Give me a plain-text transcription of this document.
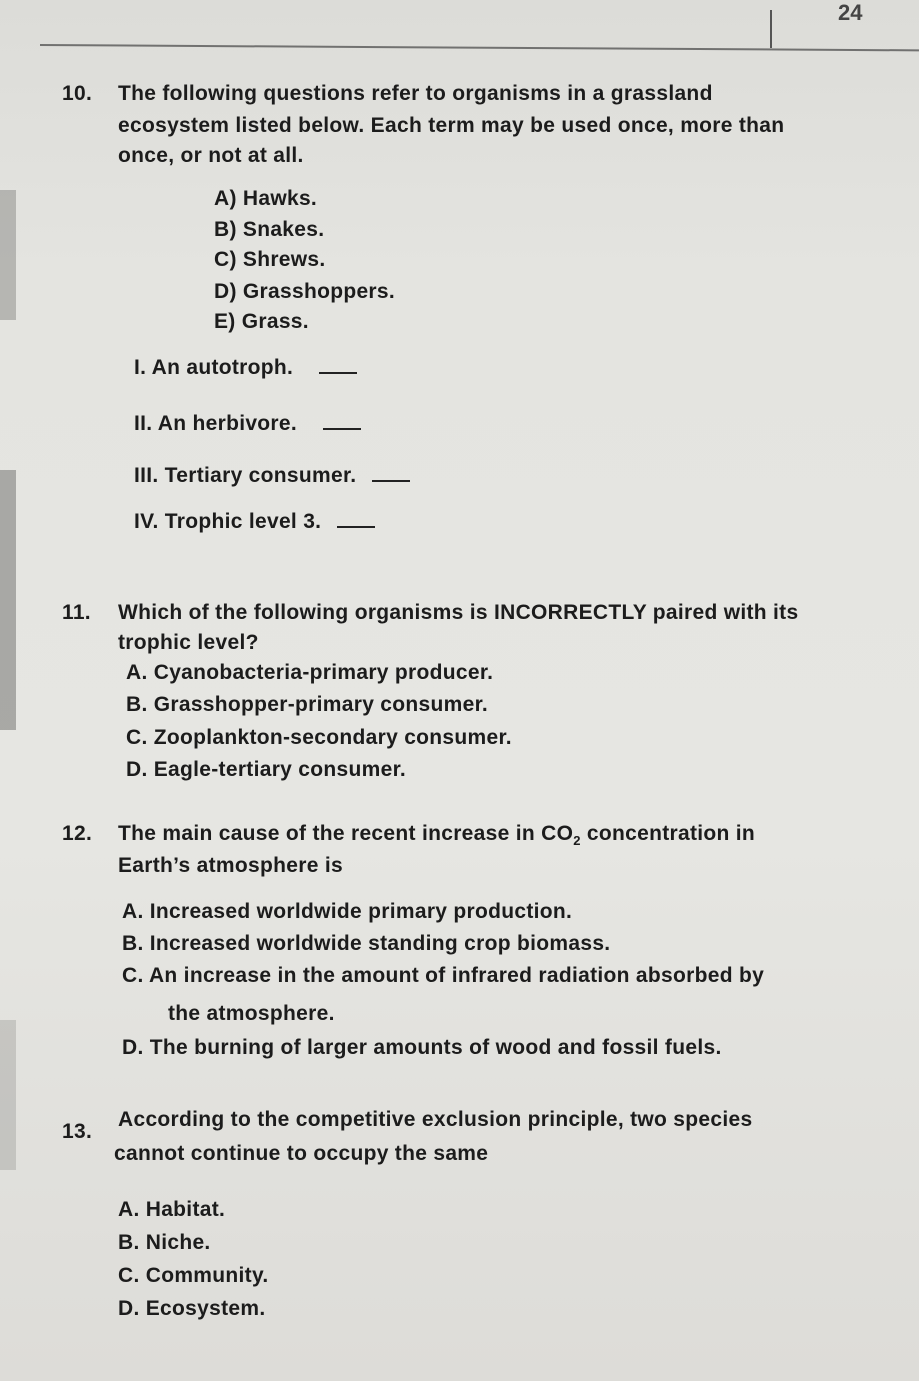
24
10. The following questions refer to organisms in a grassland
ecosystem listed below. Each term may be used once, more than
once, or not at all.
A) Hawks.
B) Snakes.
C) Shrews.
D) Grasshoppers.
E) Grass.
I. An autotroph.
II. An herbivore.
III. Tertiary consumer.
IV. Trophic level 3.
11. Which of the following organisms is INCORRECTLY paired with its
trophic level?
A. Cyanobacteria-primary producer.
B. Grasshopper-primary consumer.
C. Zooplankton-secondary consumer.
D. Eagle-tertiary consumer.
12. The main cause of the recent increase in $CO_2$ concentration in
Earth’s atmosphere is
A. Increased worldwide primary production.
B. Increased worldwide standing crop biomass.
C. An increase in the amount of infrared radiation absorbed by
the atmosphere.
D. The burning of larger amounts of wood and fossil fuels.
13.
According to the competitive exclusion principle, two species
cannot continue to occupy the same
A. Habitat.
B. Niche.
C. Community.
D. Ecosystem.
